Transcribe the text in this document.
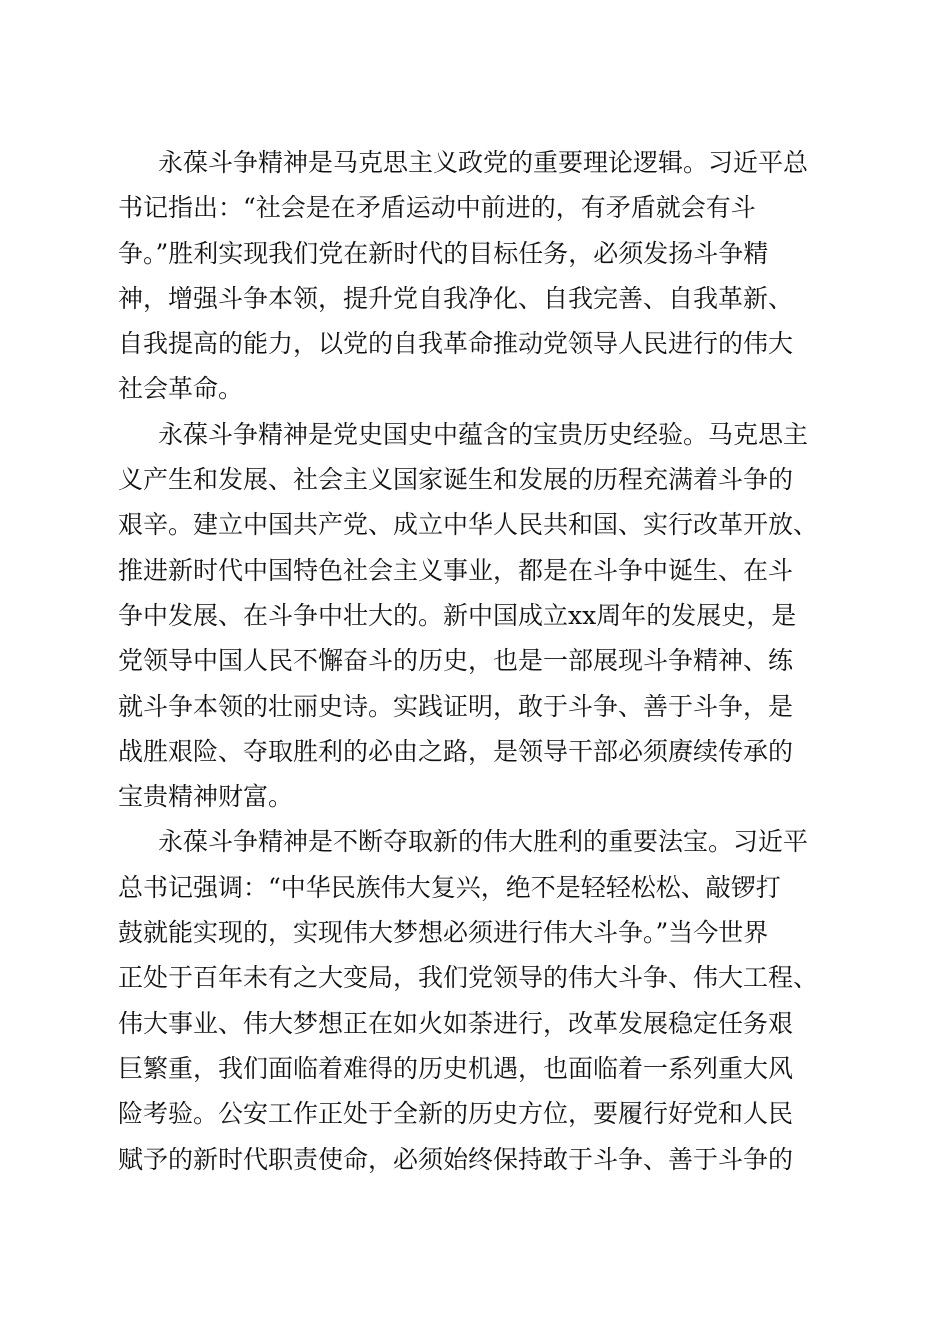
永葆斗争精神是马克思主义政党的重要理论逻辑。习近平总
书记指出：“社会是在矛盾运动中前进的，有矛盾就会有斗
争。”胜利实现我们党在新时代的目标任务，必须发扬斗争精
神，增强斗争本领，提升党自我净化、自我完善、自我革新、
自我提高的能力，以党的自我革命推动党领导人民进行的伟大
社会革命。
永葆斗争精神是党史国史中蕴含的宝贵历史经验。马克思主
义产生和发展、社会主义国家诞生和发展的历程充满着斗争的
艰辛。建立中国共产党、成立中华人民共和国、实行改革开放、
推进新时代中国特色社会主义事业，都是在斗争中诞生、在斗
争中发展、在斗争中壮大的。新中国成立xx周年的发展史，是
党领导中国人民不懈奋斗的历史，也是一部展现斗争精神、练
就斗争本领的壮丽史诗。实践证明，敢于斗争、善于斗争，是
战胜艰险、夺取胜利的必由之路，是领导干部必须赓续传承的
宝贵精神财富。
永葆斗争精神是不断夺取新的伟大胜利的重要法宝。习近平
总书记强调：“中华民族伟大复兴，绝不是轻轻松松、敲锣打
鼓就能实现的，实现伟大梦想必须进行伟大斗争。”当今世界
正处于百年未有之大变局，我们党领导的伟大斗争、伟大工程、
伟大事业、伟大梦想正在如火如荼进行，改革发展稳定任务艰
巨繁重，我们面临着难得的历史机遇，也面临着一系列重大风
险考验。公安工作正处于全新的历史方位，要履行好党和人民
赋予的新时代职责使命，必须始终保持敢于斗争、善于斗争的
